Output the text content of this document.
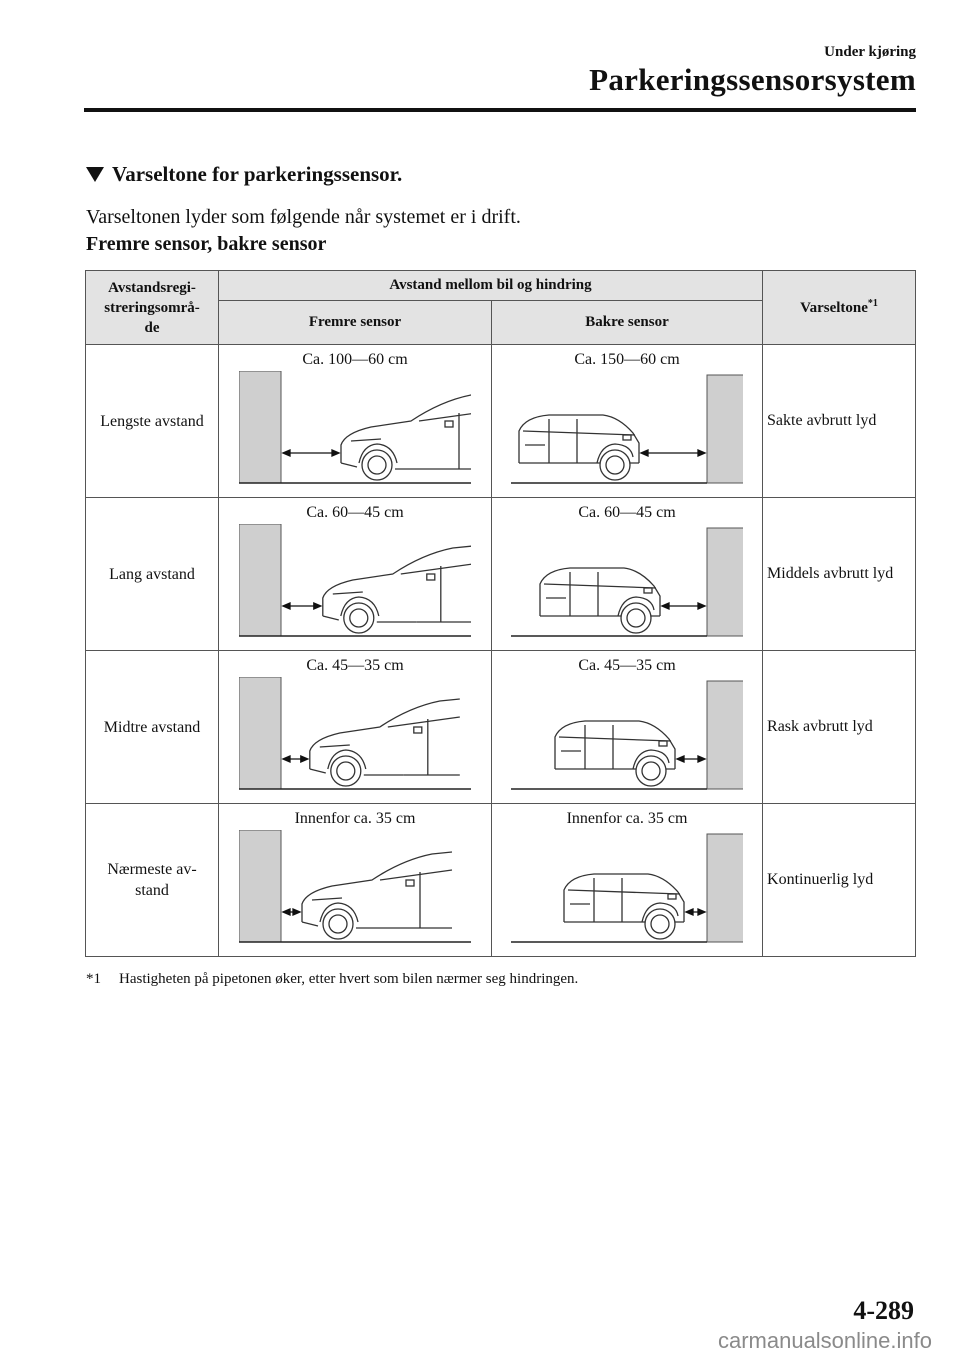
Under kjøring
Parkeringssensorsystem
Varseltone for parkeringssensor.
Varseltonen lyder som følgende når systemet er i drift.
Fremre sensor, bakre sensor
Avstandsregi-
streringsområ-
de	Avstand mellom bil og hindring		Varseltone$^{*1}$
	Fremre sensor	Bakre sensor	
Lengste avstand	Ca. 100—60 cm	Ca. 150—60 cm	Sakte avbrutt lyd
Lang avstand	Ca. 60—45 cm	Ca. 60—45 cm	Middels avbrutt lyd
Midtre avstand	Ca. 45—35 cm	Ca. 45—35 cm	Rask avbrutt lyd
Nærmeste av-
stand	Innenfor ca. 35 cm	Innenfor ca. 35 cm	Kontinuerlig lyd
*1 Hastigheten på pipetonen øker, etter hvert som bilen nærmer seg hindringen.
4-289
carmanualsonline.info
